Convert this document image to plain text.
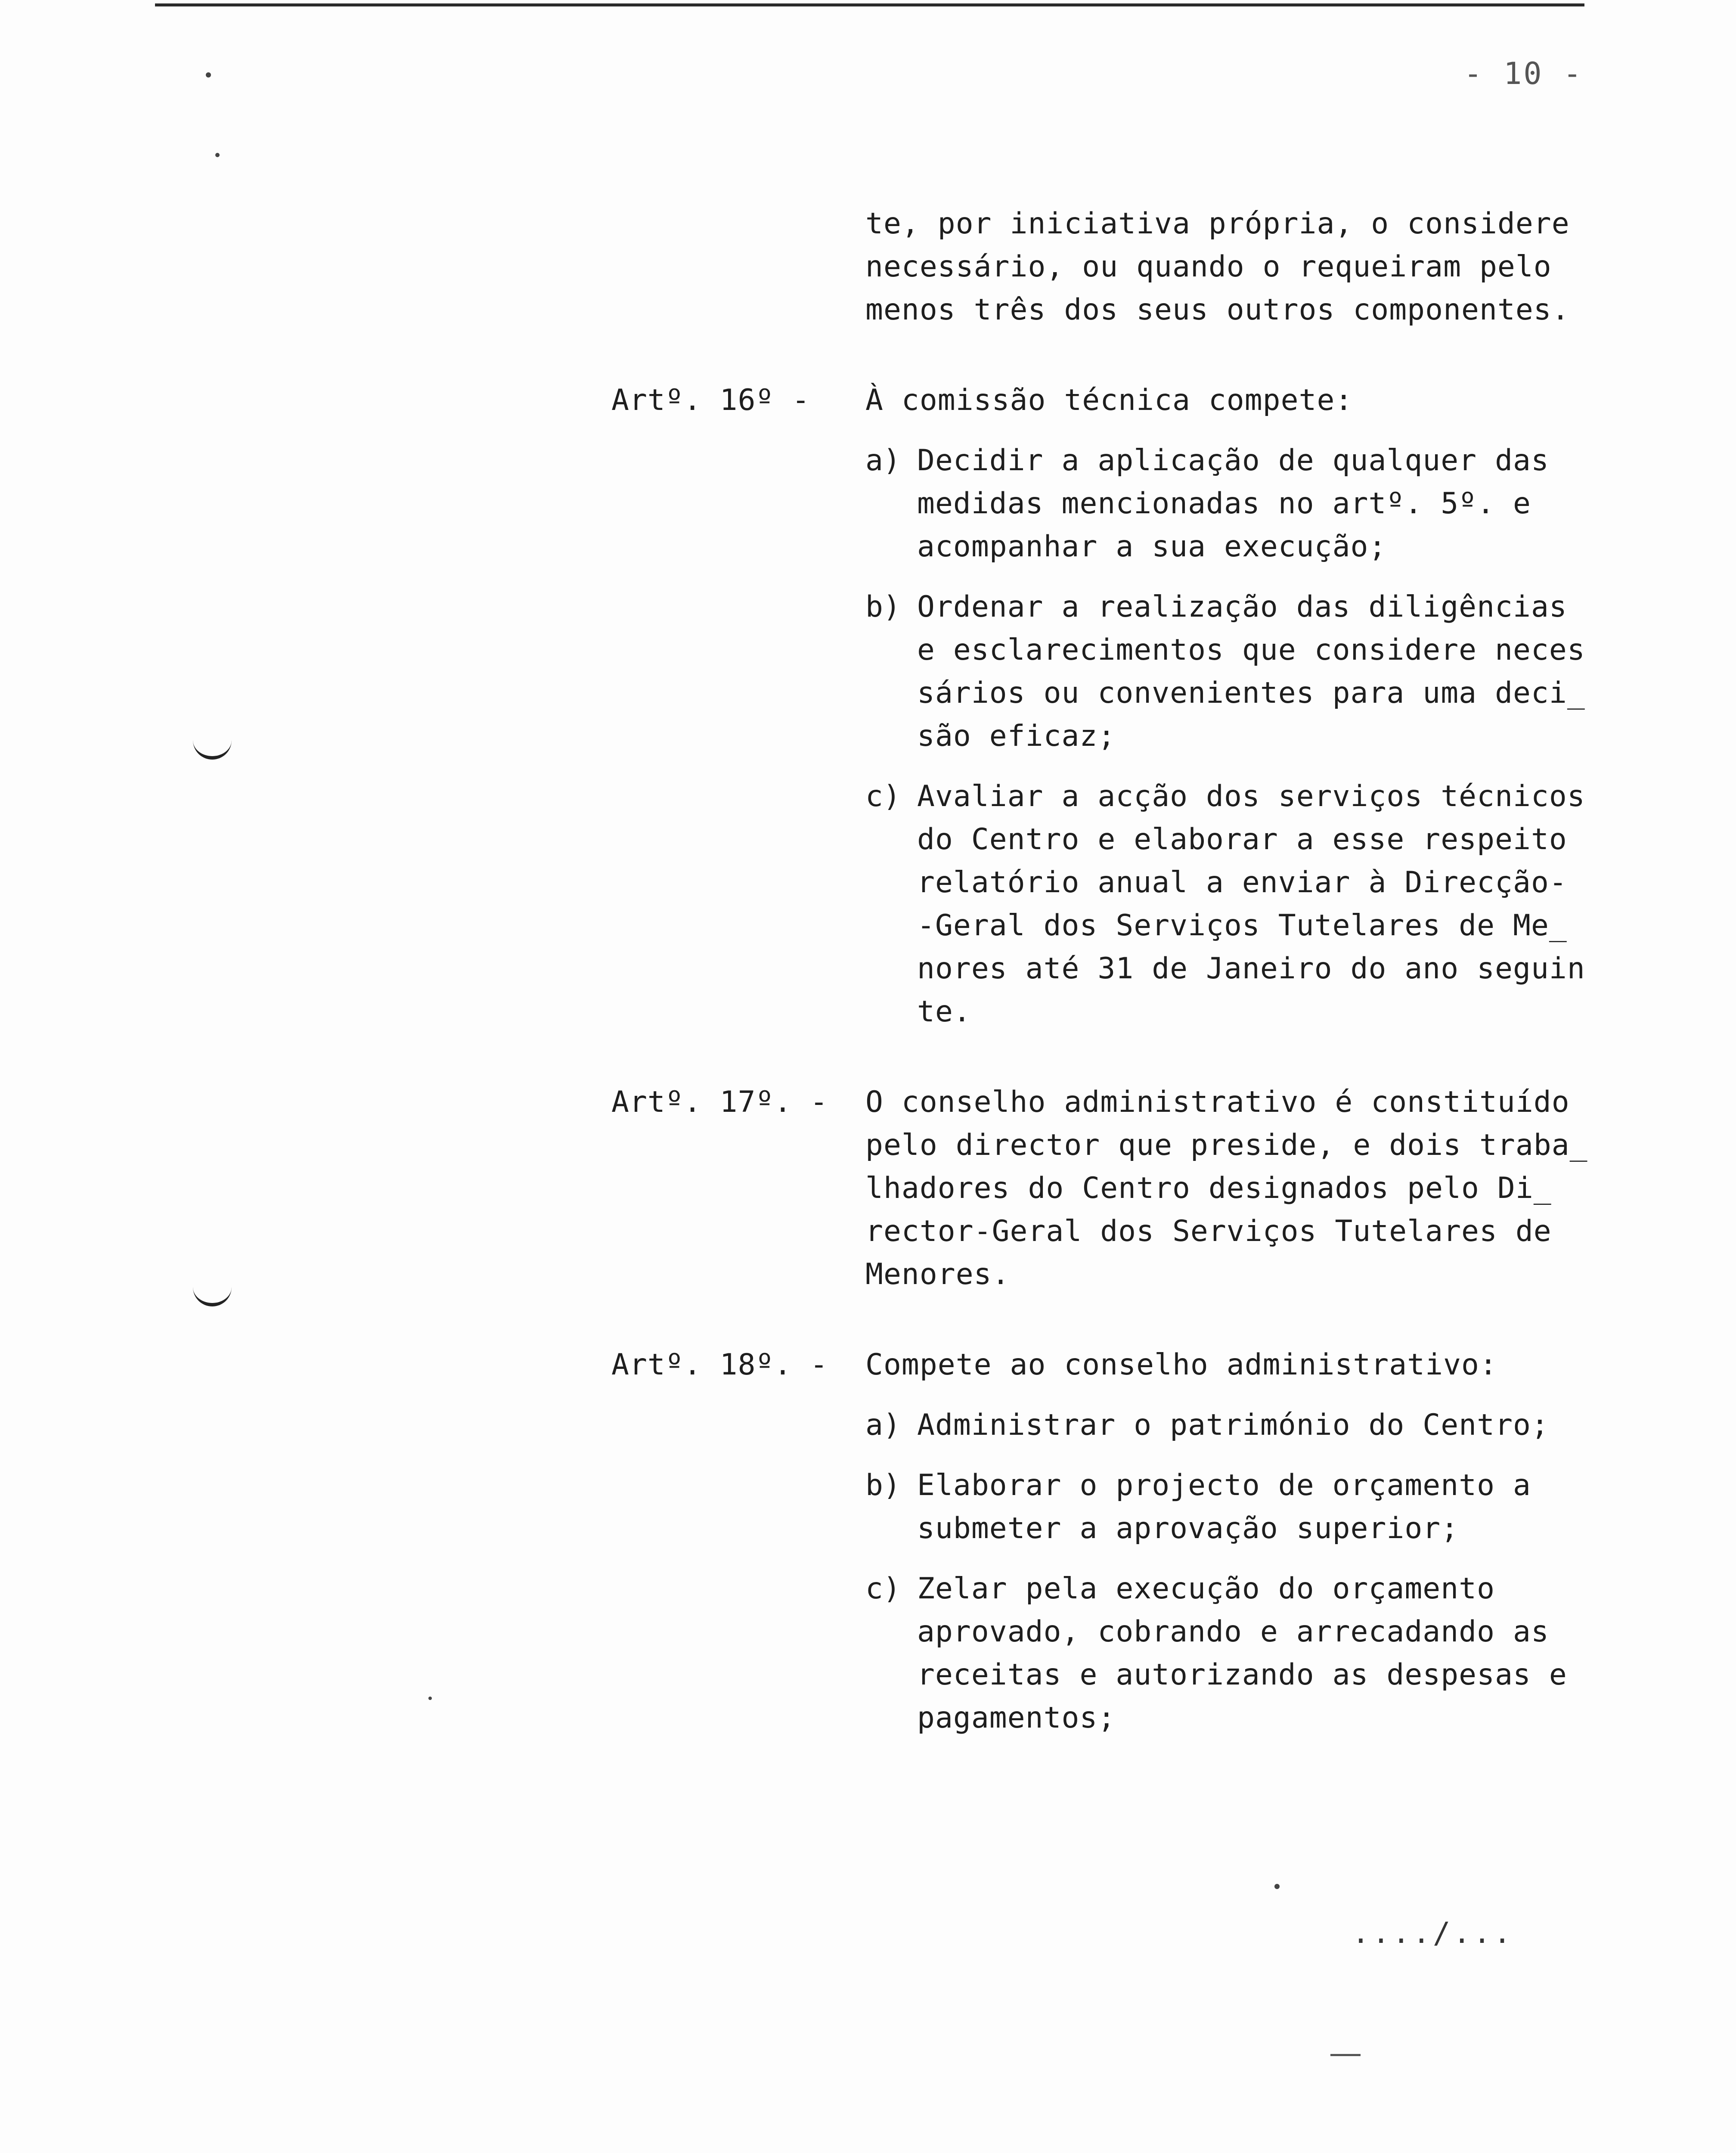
- 10 -
te, por iniciativa própria, o considere
necessário, ou quando o requeiram pelo
menos três dos seus outros componentes.
Artº. 16º - À comissão técnica compete:
a) Decidir a aplicação de qualquer das
medidas mencionadas no artº. 5º. e
acompanhar a sua execução;
b) Ordenar a realização das diligências
e esclarecimentos que considere neces
sários ou convenientes para uma deci_
são eficaz;
c) Avaliar a acção dos serviços técnicos
do Centro e elaborar a esse respeito
relatório anual a enviar à Direcção-
-Geral dos Serviços Tutelares de Me_
nores até 31 de Janeiro do ano seguin
te.
Artº. 17º. - O conselho administrativo é constituído
pelo director que preside, e dois traba_
lhadores do Centro designados pelo Di_
rector-Geral dos Serviços Tutelares de
Menores.
Artº. 18º. - Compete ao conselho administrativo:
a) Administrar o património do Centro;
b) Elaborar o projecto de orçamento a
submeter a aprovação superior;
c) Zelar pela execução do orçamento
aprovado, cobrando e arrecadando as
receitas e autorizando as despesas e
pagamentos;
..../...
